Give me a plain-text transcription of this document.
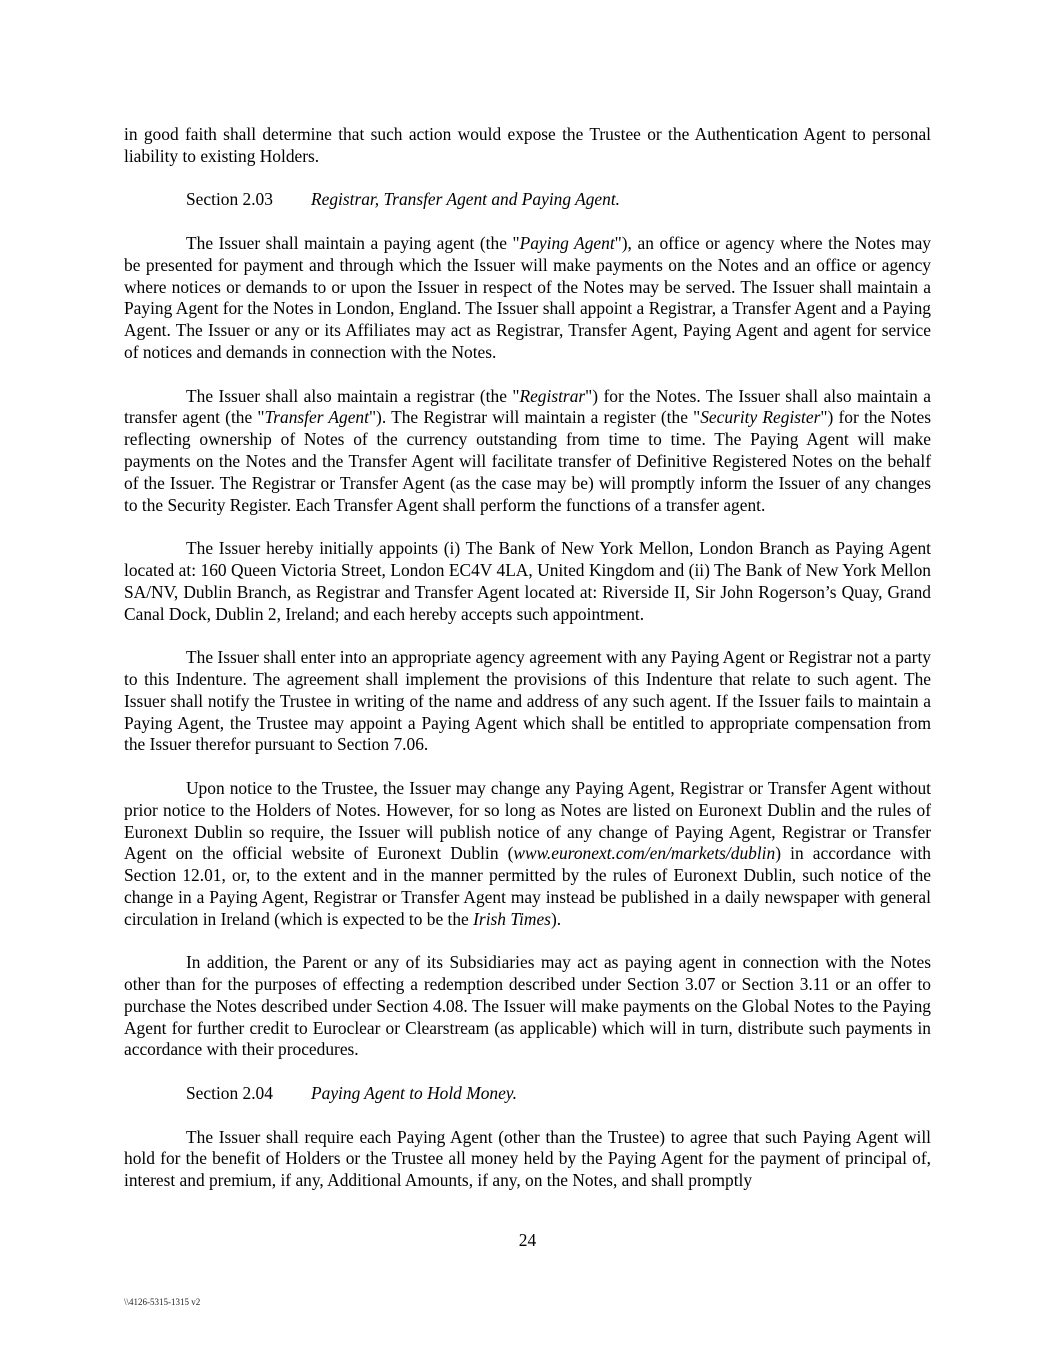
in good faith shall determine that such action would expose the Trustee or the Authentication Agent to personal liability to existing Holders.

Section 2.03 Registrar, Transfer Agent and Paying Agent.

The Issuer shall maintain a paying agent (the "Paying Agent"), an office or agency where the Notes may be presented for payment and through which the Issuer will make payments on the Notes and an office or agency where notices or demands to or upon the Issuer in respect of the Notes may be served. The Issuer shall maintain a Paying Agent for the Notes in London, England. The Issuer shall appoint a Registrar, a Transfer Agent and a Paying Agent. The Issuer or any or its Affiliates may act as Registrar, Transfer Agent, Paying Agent and agent for service of notices and demands in connection with the Notes.

The Issuer shall also maintain a registrar (the "Registrar") for the Notes. The Issuer shall also maintain a transfer agent (the "Transfer Agent"). The Registrar will maintain a register (the "Security Register") for the Notes reflecting ownership of Notes of the currency outstanding from time to time. The Paying Agent will make payments on the Notes and the Transfer Agent will facilitate transfer of Definitive Registered Notes on the behalf of the Issuer. The Registrar or Transfer Agent (as the case may be) will promptly inform the Issuer of any changes to the Security Register. Each Transfer Agent shall perform the functions of a transfer agent.

The Issuer hereby initially appoints (i) The Bank of New York Mellon, London Branch as Paying Agent located at: 160 Queen Victoria Street, London EC4V 4LA, United Kingdom and (ii) The Bank of New York Mellon SA/NV, Dublin Branch, as Registrar and Transfer Agent located at: Riverside II, Sir John Rogerson’s Quay, Grand Canal Dock, Dublin 2, Ireland; and each hereby accepts such appointment.

The Issuer shall enter into an appropriate agency agreement with any Paying Agent or Registrar not a party to this Indenture. The agreement shall implement the provisions of this Indenture that relate to such agent. The Issuer shall notify the Trustee in writing of the name and address of any such agent. If the Issuer fails to maintain a Paying Agent, the Trustee may appoint a Paying Agent which shall be entitled to appropriate compensation from the Issuer therefor pursuant to Section 7.06.

Upon notice to the Trustee, the Issuer may change any Paying Agent, Registrar or Transfer Agent without prior notice to the Holders of Notes. However, for so long as Notes are listed on Euronext Dublin and the rules of Euronext Dublin so require, the Issuer will publish notice of any change of Paying Agent, Registrar or Transfer Agent on the official website of Euronext Dublin (www.euronext.com/en/markets/dublin) in accordance with Section 12.01, or, to the extent and in the manner permitted by the rules of Euronext Dublin, such notice of the change in a Paying Agent, Registrar or Transfer Agent may instead be published in a daily newspaper with general circulation in Ireland (which is expected to be the Irish Times).

In addition, the Parent or any of its Subsidiaries may act as paying agent in connection with the Notes other than for the purposes of effecting a redemption described under Section 3.07 or Section 3.11 or an offer to purchase the Notes described under Section 4.08. The Issuer will make payments on the Global Notes to the Paying Agent for further credit to Euroclear or Clearstream (as applicable) which will in turn, distribute such payments in accordance with their procedures.

Section 2.04 Paying Agent to Hold Money.

The Issuer shall require each Paying Agent (other than the Trustee) to agree that such Paying Agent will hold for the benefit of Holders or the Trustee all money held by the Paying Agent for the payment of principal of, interest and premium, if any, Additional Amounts, if any, on the Notes, and shall promptly

24
\\4126-5315-1315 v2
